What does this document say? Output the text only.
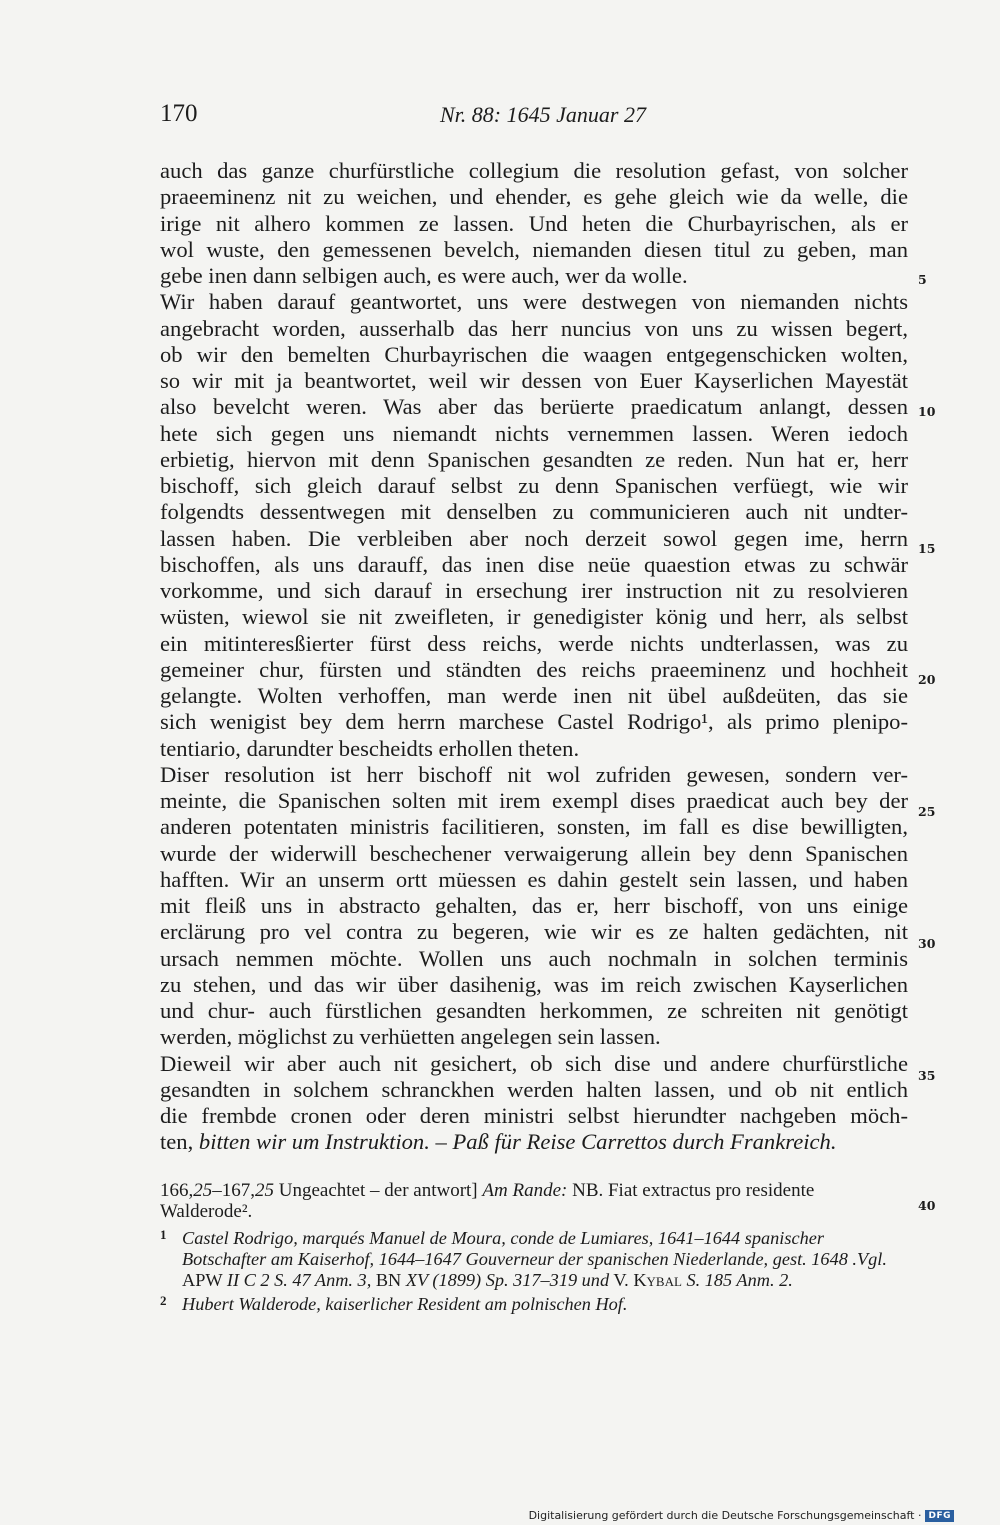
170	Nr. 88: 1645 Januar 27
auch das ganze churfürstliche collegium die resolution gefast, von solcher
praeeminenz nit zu weichen, und ehender, es gehe gleich wie da welle, die
irige nit alhero kommen ze lassen. Und heten die Churbayrischen, als er
wol wuste, den gemessenen bevelch, niemanden diesen titul zu geben, man
gebe inen dann selbigen auch, es were auch, wer da wolle.
Wir haben darauf geantwortet, uns were destwegen von niemanden nichts
angebracht worden, ausserhalb das herr nuncius von uns zu wissen begert,
ob wir den bemelten Churbayrischen die waagen entgegenschicken wolten,
so wir mit ja beantwortet, weil wir dessen von Euer Kayserlichen Mayestät
also bevelcht weren. Was aber das berüerte praedicatum anlangt, dessen
hete sich gegen uns niemandt nichts vernemmen lassen. Weren iedoch
erbietig, hiervon mit denn Spanischen gesandten ze reden. Nun hat er, herr
bischoff, sich gleich darauf selbst zu denn Spanischen verfüegt, wie wir
folgendts dessentwegen mit denselben zu communicieren auch nit undter-
lassen haben. Die verbleiben aber noch derzeit sowol gegen ime, herrn
bischoffen, als uns darauff, das inen dise neüe quaestion etwas zu schwär
vorkomme, und sich darauf in ersechung irer instruction nit zu resolvieren
wüsten, wiewol sie nit zweifleten, ir genedigister könig und herr, als selbst
ein mitinteresßierter fürst dess reichs, werde nichts undterlassen, was zu
gemeiner chur, fürsten und ständten des reichs praeeminenz und hochheit
gelangte. Wolten verhoffen, man werde inen nit übel außdeüten, das sie
sich wenigist bey dem herrn marchese Castel Rodrigo¹, als primo plenipo-
tentiario, darundter bescheidts erhollen theten.
Diser resolution ist herr bischoff nit wol zufriden gewesen, sondern ver-
meinte, die Spanischen solten mit irem exempl dises praedicat auch bey der
anderen potentaten ministris facilitieren, sonsten, im fall es dise bewilligten,
wurde der widerwill beschechener verwaigerung allein bey denn Spanischen
hafften. Wir an unserm ortt müessen es dahin gestelt sein lassen, und haben
mit fleiß uns in abstracto gehalten, das er, herr bischoff, von uns einige
erclärung pro vel contra zu begeren, wie wir es ze halten gedächten, nit
ursach nemmen möchte. Wollen uns auch nochmaln in solchen terminis
zu stehen, und das wir über dasihenig, was im reich zwischen Kayserlichen
und chur- auch fürstlichen gesandten herkommen, ze schreiten nit genötigt
werden, möglichst zu verhüetten angelegen sein lassen.
Dieweil wir aber auch nit gesichert, ob sich dise und andere churfürstliche
gesandten in solchem schranckhen werden halten lassen, und ob nit entlich
die frembde cronen oder deren ministri selbst hierundter nachgeben möch-
ten, bitten wir um Instruktion. – Paß für Reise Carrettos durch Frankreich.
5
10
15
20
25
30
35
40
166,25–167,25 Ungeachtet – der antwort] Am Rande: NB. Fiat extractus pro residente Walderode².
1 Castel Rodrigo, marqués Manuel de Moura, conde de Lumiares, 1641–1644 spanischer Botschafter am Kaiserhof, 1644–1647 Gouverneur der spanischen Niederlande, gest. 1648 .Vgl.
APW II C 2 S. 47 Anm. 3, BN XV (1899) Sp. 317–319 und V. Kybal S. 185 Anm. 2.
2 Hubert Walderode, kaiserlicher Resident am polnischen Hof.
Digitalisierung gefördert durch die Deutsche Forschungsgemeinschaft · DFG
